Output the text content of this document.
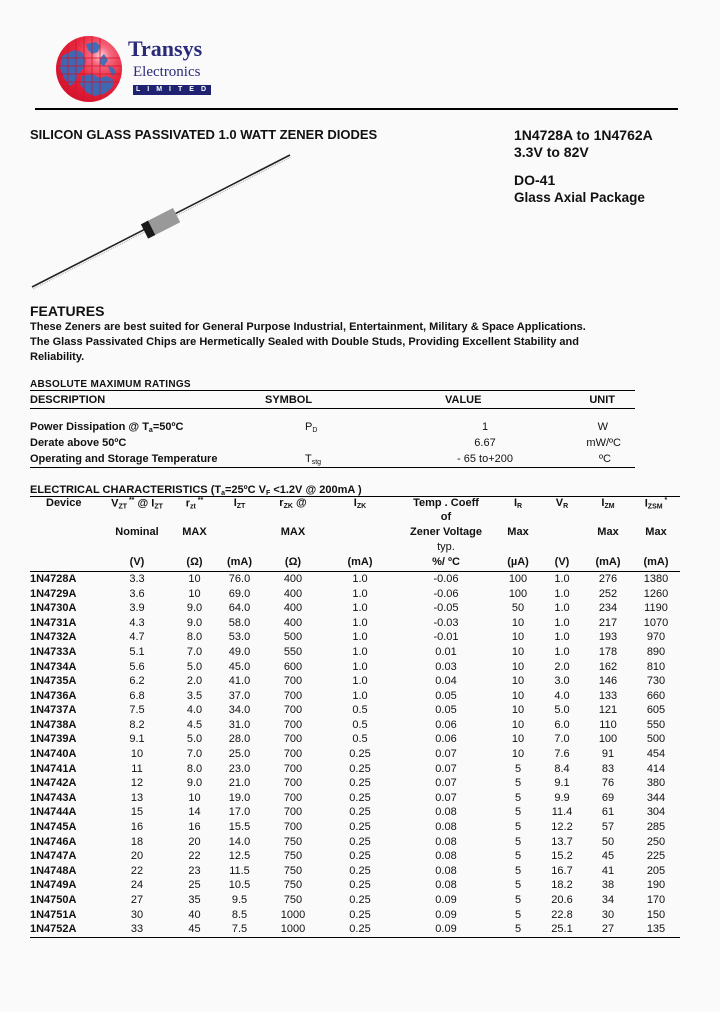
Transys
Electronics
LIMITED
SILICON GLASS PASSIVATED 1.0 WATT ZENER DIODES	1N4728A to 1N4762A
3.3V to 82V
DO-41
Glass Axial Package
FEATURES
These Zeners are best suited for General Purpose Industrial, Entertainment, Military & Space Applications.
The Glass Passivated Chips are Hermetically Sealed with Double Studs, Providing Excellent Stability and Reliability.
ABSOLUTE MAXIMUM RATINGS
DESCRIPTION	SYMBOL	VALUE	UNIT

Power Dissipation @ $T_a=50ºC$	$P_D$	1	W
Derate above 50ºC		6.67	mW/ºC
Operating and Storage Temperature	$T_{stg}$	- 65 to+200	ºC
ELECTRICAL CHARACTERISTICS ($T_a=25ºC$ $V_F <1.2V$ @ 200mA )
Device	$V_{ZT}$ ** @ $I_{ZT}$	$r_{zt}$ **	$I_{ZT}$	$r_{ZK}$ @	$I_{ZK}$	Temp . Coeff	$I_R$	$V_R$	$I_{ZM}$	$I_{ZSM}$ *
						of				
	Nominal	MAX		MAX		Zener Voltage	Max		Max	Max
						typ.				
	(V)	(Ω)	(mA)	(Ω)	(mA)	%/ ºC	(µA)	(V)	(mA)	(mA)
1N4728A	3.3	10	76.0	400	1.0	-0.06	100	1.0	276	1380
1N4729A	3.6	10	69.0	400	1.0	-0.06	100	1.0	252	1260
1N4730A	3.9	9.0	64.0	400	1.0	-0.05	50	1.0	234	1190
1N4731A	4.3	9.0	58.0	400	1.0	-0.03	10	1.0	217	1070
1N4732A	4.7	8.0	53.0	500	1.0	-0.01	10	1.0	193	970
1N4733A	5.1	7.0	49.0	550	1.0	0.01	10	1.0	178	890
1N4734A	5.6	5.0	45.0	600	1.0	0.03	10	2.0	162	810
1N4735A	6.2	2.0	41.0	700	1.0	0.04	10	3.0	146	730
1N4736A	6.8	3.5	37.0	700	1.0	0.05	10	4.0	133	660
1N4737A	7.5	4.0	34.0	700	0.5	0.05	10	5.0	121	605
1N4738A	8.2	4.5	31.0	700	0.5	0.06	10	6.0	110	550
1N4739A	9.1	5.0	28.0	700	0.5	0.06	10	7.0	100	500
1N4740A	10	7.0	25.0	700	0.25	0.07	10	7.6	91	454
1N4741A	11	8.0	23.0	700	0.25	0.07	5	8.4	83	414
1N4742A	12	9.0	21.0	700	0.25	0.07	5	9.1	76	380
1N4743A	13	10	19.0	700	0.25	0.07	5	9.9	69	344
1N4744A	15	14	17.0	700	0.25	0.08	5	11.4	61	304
1N4745A	16	16	15.5	700	0.25	0.08	5	12.2	57	285
1N4746A	18	20	14.0	750	0.25	0.08	5	13.7	50	250
1N4747A	20	22	12.5	750	0.25	0.08	5	15.2	45	225
1N4748A	22	23	11.5	750	0.25	0.08	5	16.7	41	205
1N4749A	24	25	10.5	750	0.25	0.08	5	18.2	38	190
1N4750A	27	35	9.5	750	0.25	0.09	5	20.6	34	170
1N4751A	30	40	8.5	1000	0.25	0.09	5	22.8	30	150
1N4752A	33	45	7.5	1000	0.25	0.09	5	25.1	27	135
